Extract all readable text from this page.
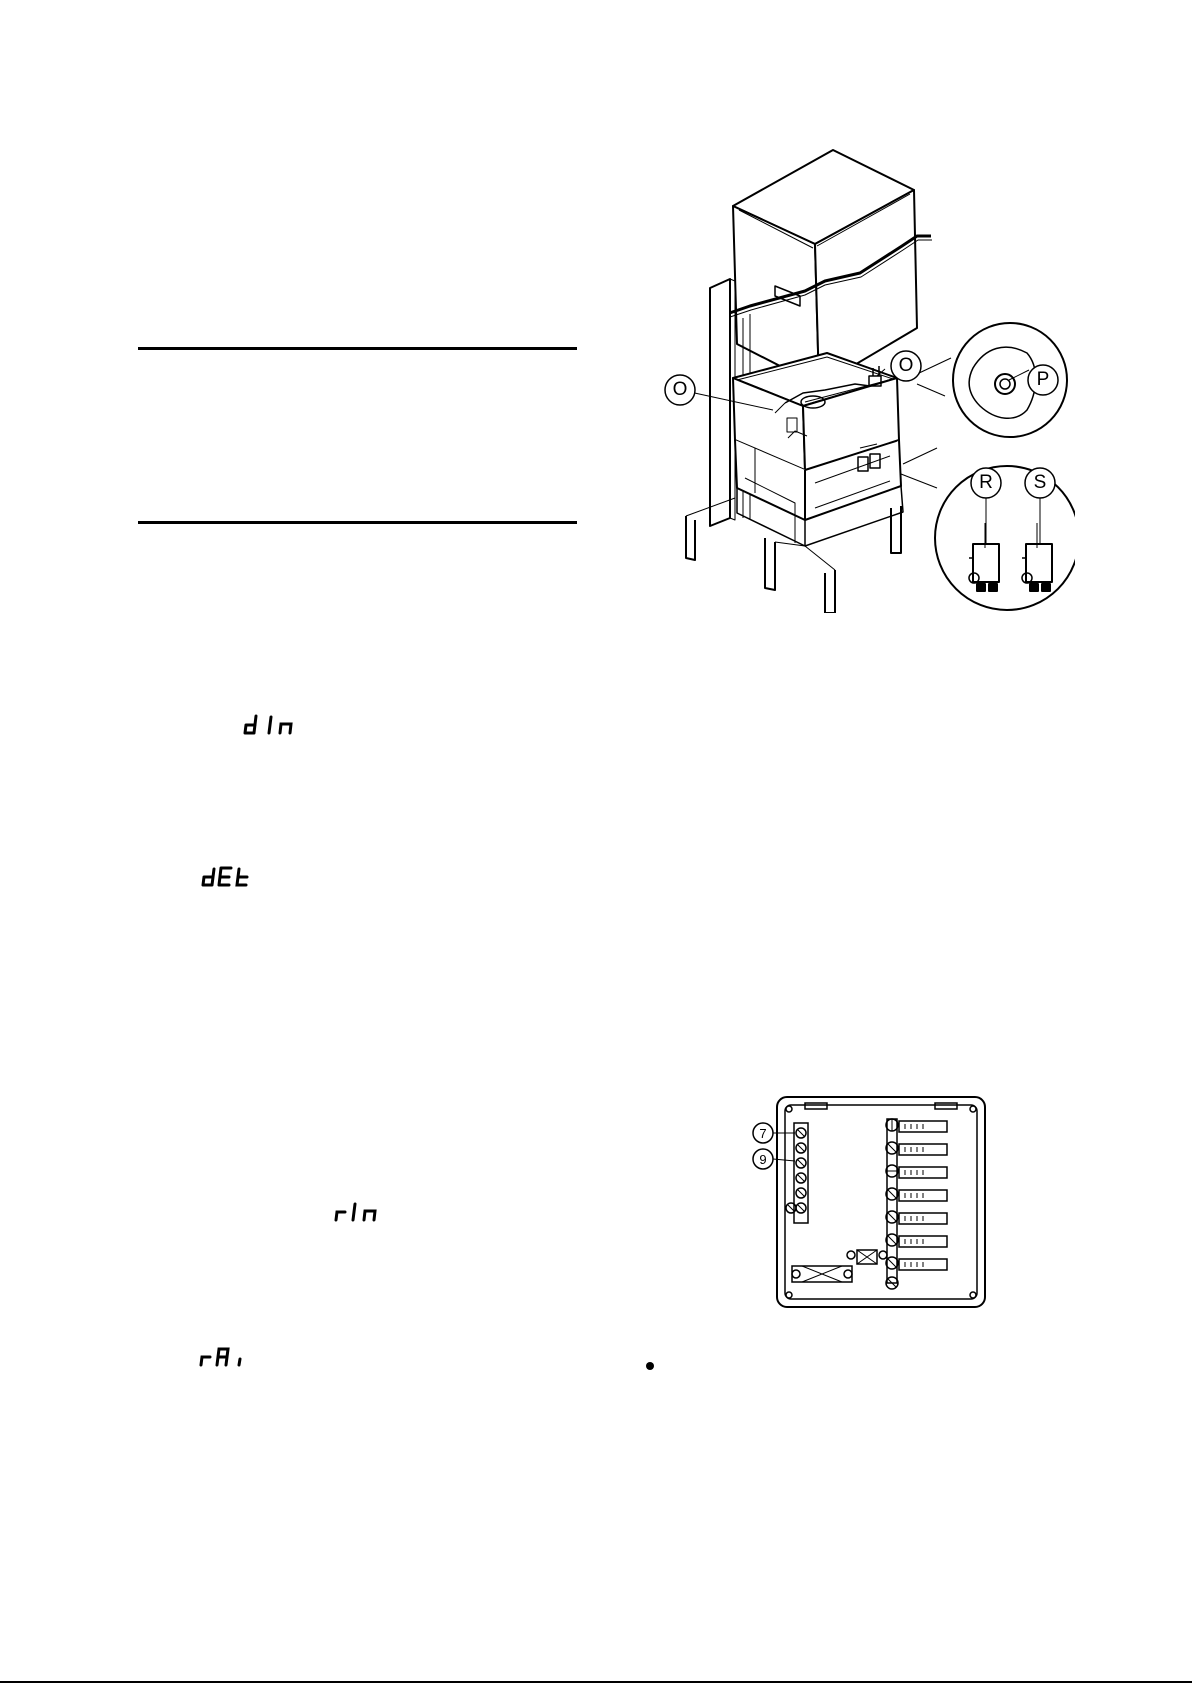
O
O
P
R	S
7
9
